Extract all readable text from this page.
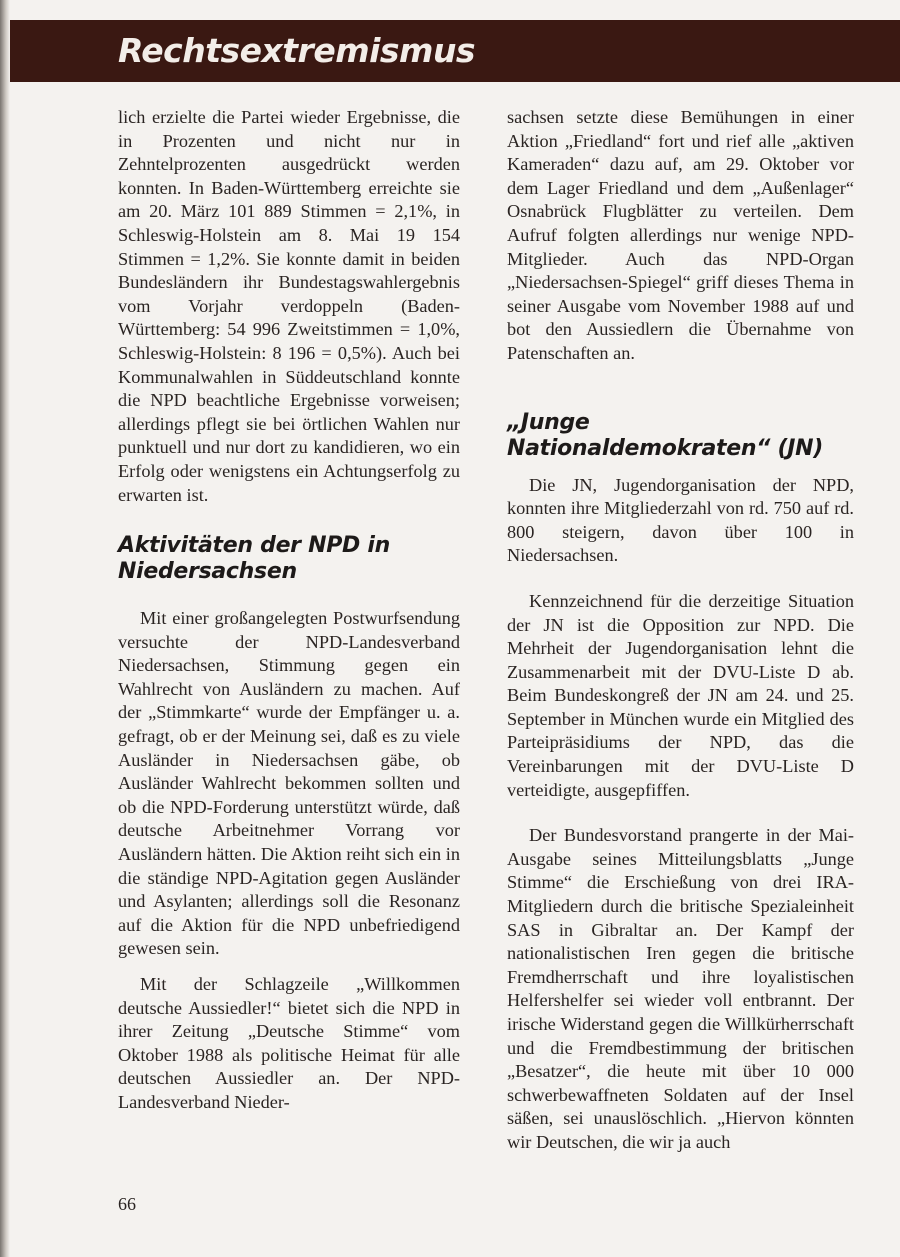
Rechtsextremismus

lich erzielte die Partei wieder Ergebnisse, die in Prozenten und nicht nur in Zehntelprozenten ausgedrückt werden konnten. In Baden-Württemberg erreichte sie am 20. März 101 889 Stimmen = 2,1%, in Schleswig-Holstein am 8. Mai 19 154 Stimmen = 1,2%. Sie konnte damit in beiden Bundesländern ihr Bundestagswahlergebnis vom Vorjahr verdoppeln (Baden-Württemberg: 54 996 Zweitstimmen = 1,0%, Schleswig-Holstein: 8 196 = 0,5%). Auch bei Kommunalwahlen in Süddeutschland konnte die NPD beachtliche Ergebnisse vorweisen; allerdings pflegt sie bei örtlichen Wahlen nur punktuell und nur dort zu kandidieren, wo ein Erfolg oder wenigstens ein Achtungserfolg zu erwarten ist.

Aktivitäten der NPD in Niedersachsen

Mit einer großangelegten Postwurfsendung versuchte der NPD-Landesverband Niedersachsen, Stimmung gegen ein Wahlrecht von Ausländern zu machen. Auf der „Stimmkarte“ wurde der Empfänger u. a. gefragt, ob er der Meinung sei, daß es zu viele Ausländer in Niedersachsen gäbe, ob Ausländer Wahlrecht bekommen sollten und ob die NPD-Forderung unterstützt würde, daß deutsche Arbeitnehmer Vorrang vor Ausländern hätten. Die Aktion reiht sich ein in die ständige NPD-Agitation gegen Ausländer und Asylanten; allerdings soll die Resonanz auf die Aktion für die NPD unbefriedigend gewesen sein.

Mit der Schlagzeile „Willkommen deutsche Aussiedler!“ bietet sich die NPD in ihrer Zeitung „Deutsche Stimme“ vom Oktober 1988 als politische Heimat für alle deutschen Aussiedler an. Der NPD-Landesverband Nieder-

sachsen setzte diese Bemühungen in einer Aktion „Friedland“ fort und rief alle „aktiven Kameraden“ dazu auf, am 29. Oktober vor dem Lager Friedland und dem „Außenlager“ Osnabrück Flugblätter zu verteilen. Dem Aufruf folgten allerdings nur wenige NPD-Mitglieder. Auch das NPD-Organ „Niedersachsen-Spiegel“ griff dieses Thema in seiner Ausgabe vom November 1988 auf und bot den Aussiedlern die Übernahme von Patenschaften an.

„Junge Nationaldemokraten“ (JN)

Die JN, Jugendorganisation der NPD, konnten ihre Mitgliederzahl von rd. 750 auf rd. 800 steigern, davon über 100 in Niedersachsen.

Kennzeichnend für die derzeitige Situation der JN ist die Opposition zur NPD. Die Mehrheit der Jugendorganisation lehnt die Zusammenarbeit mit der DVU-Liste D ab. Beim Bundeskongreß der JN am 24. und 25. September in München wurde ein Mitglied des Parteipräsidiums der NPD, das die Vereinbarungen mit der DVU-Liste D verteidigte, ausgepfiffen.

Der Bundesvorstand prangerte in der Mai-Ausgabe seines Mitteilungsblatts „Junge Stimme“ die Erschießung von drei IRA-Mitgliedern durch die britische Spezialeinheit SAS in Gibraltar an. Der Kampf der nationalistischen Iren gegen die britische Fremdherrschaft und ihre loyalistischen Helfershelfer sei wieder voll entbrannt. Der irische Widerstand gegen die Willkürherrschaft und die Fremdbestimmung der britischen „Besatzer“, die heute mit über 10 000 schwerbewaffneten Soldaten auf der Insel säßen, sei unauslöschlich. „Hiervon könnten wir Deutschen, die wir ja auch

66
